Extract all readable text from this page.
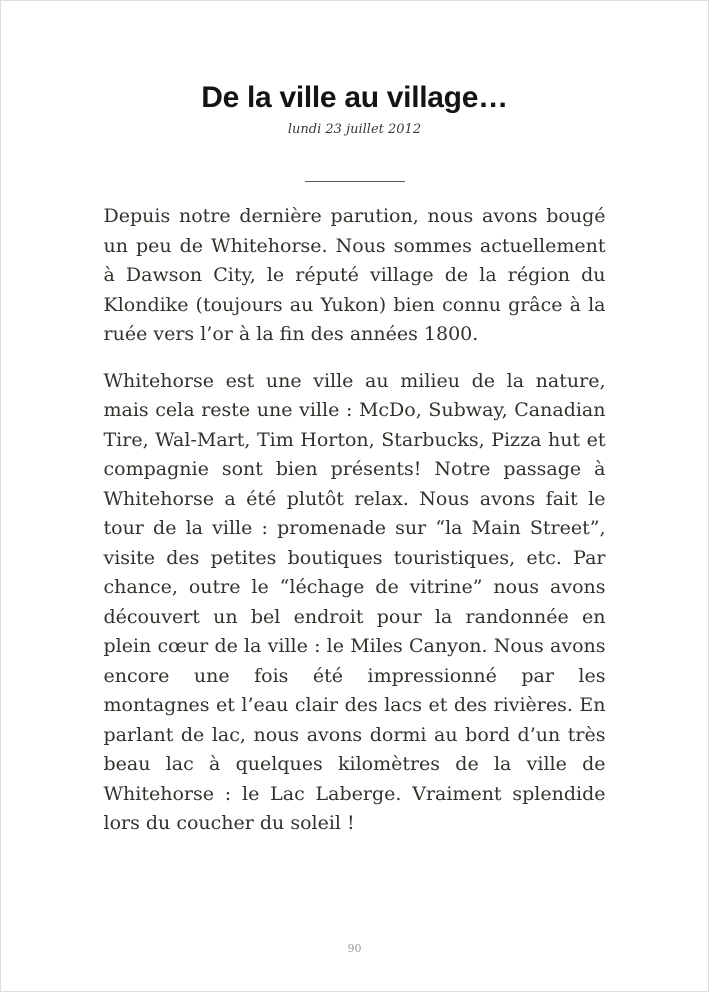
De la ville au village…
lundi 23 juillet 2012

Depuis notre dernière parution, nous avons bougé un peu de Whitehorse. Nous sommes actuellement à Dawson City, le réputé village de la région du Klondike (toujours au Yukon) bien connu grâce à la ruée vers l’or à la fin des années 1800.

Whitehorse est une ville au milieu de la nature, mais cela reste une ville : McDo, Subway, Canadian Tire, Wal-Mart, Tim Horton, Starbucks, Pizza hut et compagnie sont bien présents! Notre passage à Whitehorse a été plutôt relax. Nous avons fait le tour de la ville : promenade sur “la Main Street”, visite des petites boutiques touristiques, etc. Par chance, outre le “léchage de vitrine” nous avons découvert un bel endroit pour la randonnée en plein cœur de la ville : le Miles Canyon. Nous avons encore une fois été impressionné par les montagnes et l’eau clair des lacs et des rivières. En parlant de lac, nous avons dormi au bord d’un très beau lac à quelques kilomètres de la ville de Whitehorse : le Lac Laberge. Vraiment splendide lors du coucher du soleil !

90
